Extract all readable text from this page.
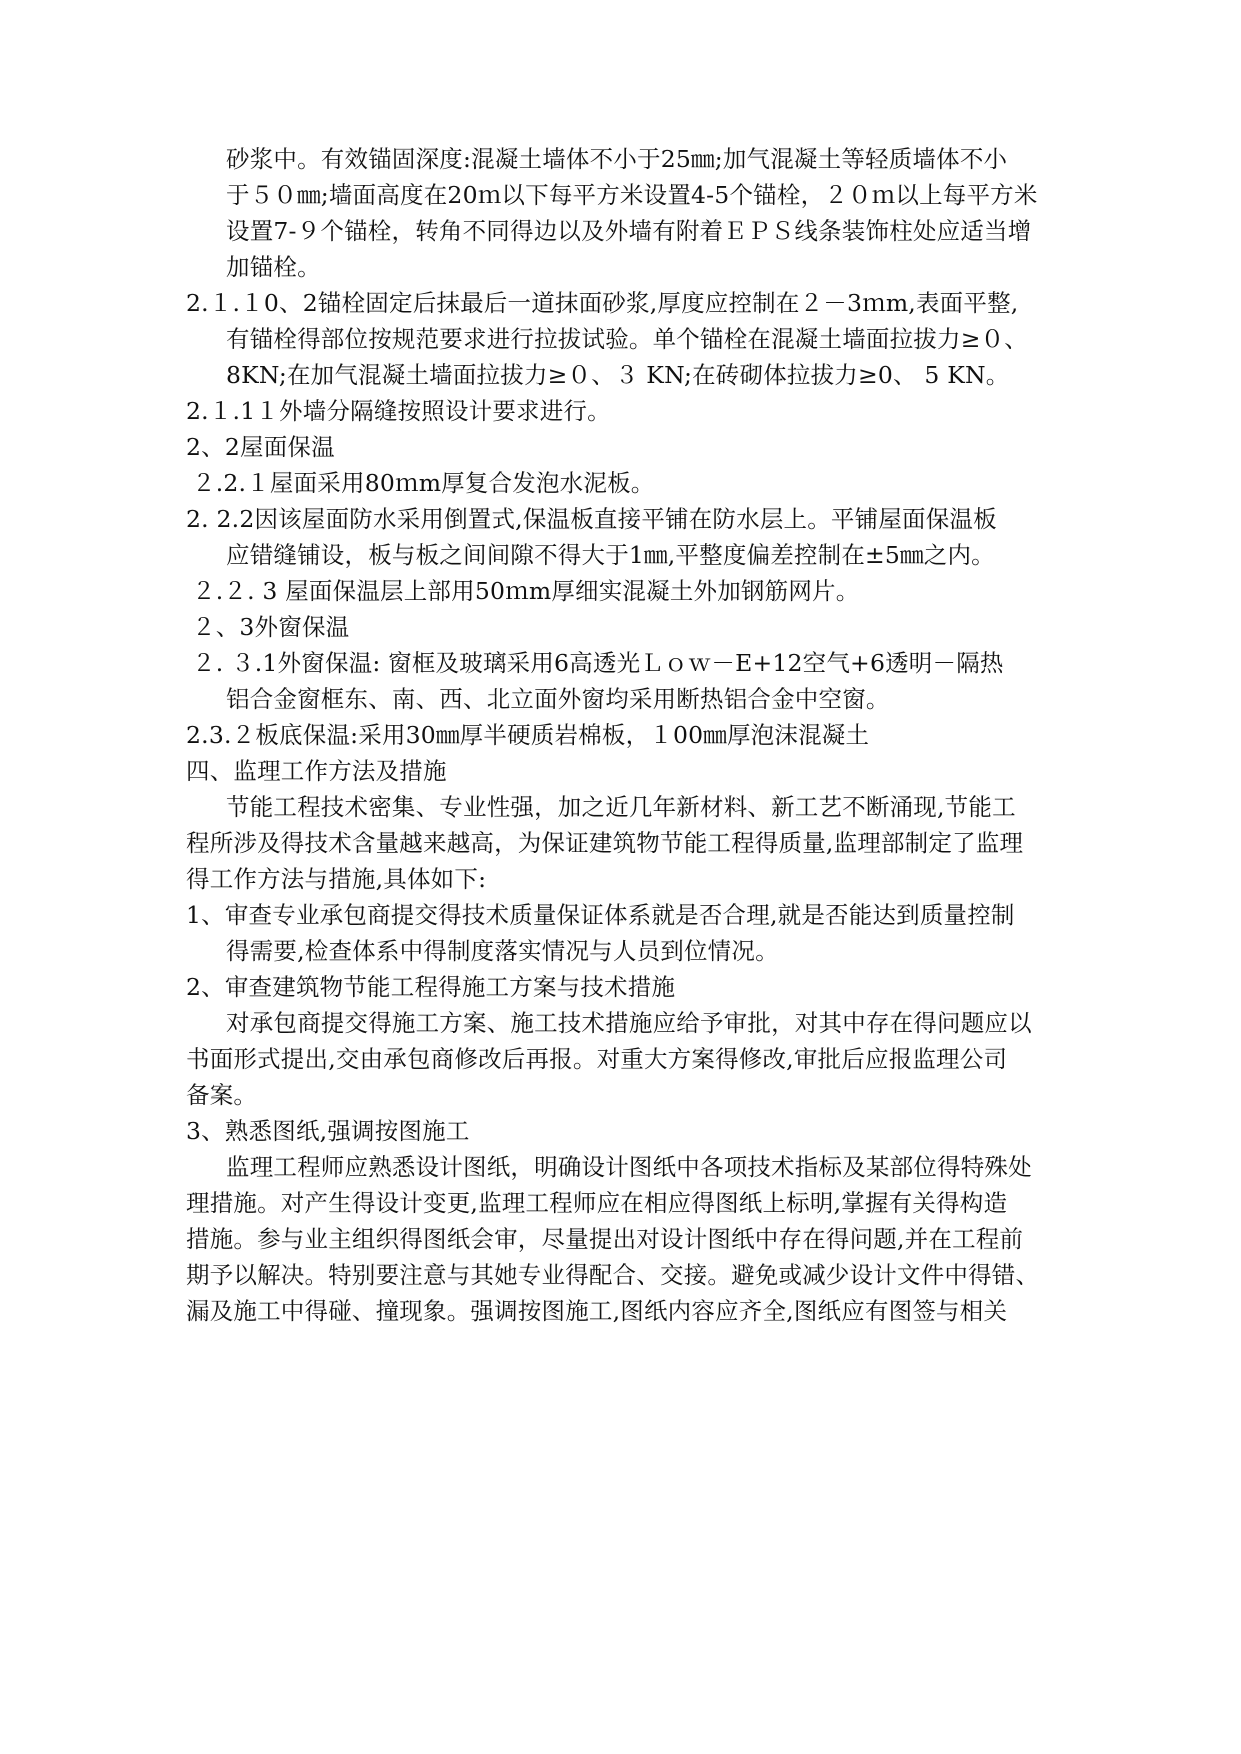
砂浆中。有效锚固深度:混凝土墙体不小于25㎜;加气混凝土等轻质墙体不小
于５０㎜;墙面高度在20ｍ以下每平方米设置4-5个锚栓，２０ｍ以上每平方米
设置7-９个锚栓，转角不同得边以及外墙有附着ＥＰＳ线条装饰柱处应适当增
加锚栓。
2.１.１0、2锚栓固定后抹最后一道抹面砂浆,厚度应控制在２－3ｍm,表面平整,
有锚栓得部位按规范要求进行拉拔试验。单个锚栓在混凝土墙面拉拔力≥０、
8KN;在加气混凝土墙面拉拔力≥０、３ KN;在砖砌体拉拔力≥0、 5 KN。
2.１.1１外墙分隔缝按照设计要求进行。
2、2屋面保温
２.2.１屋面采用80ｍm厚复合发泡水泥板。
2. 2.2因该屋面防水采用倒置式,保温板直接平铺在防水层上。平铺屋面保温板
应错缝铺设，板与板之间间隙不得大于1㎜,平整度偏差控制在±5㎜之内。
２.２. 3 屋面保温层上部用50ｍm厚细实混凝土外加钢筋网片。
２、3外窗保温
２. ３.1外窗保温: 窗框及玻璃采用6高透光Ｌｏｗ－E+12空气+6透明－隔热
铝合金窗框东、南、西、北立面外窗均采用断热铝合金中空窗。
2.3.２板底保温:采用30㎜厚半硬质岩棉板，１00㎜厚泡沫混凝土
四、监理工作方法及措施
节能工程技术密集、专业性强，加之近几年新材料、新工艺不断涌现,节能工
程所涉及得技术含量越来越高，为保证建筑物节能工程得质量,监理部制定了监理
得工作方法与措施,具体如下:
1、审查专业承包商提交得技术质量保证体系就是否合理,就是否能达到质量控制
得需要,检查体系中得制度落实情况与人员到位情况。
2、审查建筑物节能工程得施工方案与技术措施
对承包商提交得施工方案、施工技术措施应给予审批，对其中存在得问题应以
书面形式提出,交由承包商修改后再报。对重大方案得修改,审批后应报监理公司
备案。
3、熟悉图纸,强调按图施工
监理工程师应熟悉设计图纸，明确设计图纸中各项技术指标及某部位得特殊处
理措施。对产生得设计变更,监理工程师应在相应得图纸上标明,掌握有关得构造
措施。参与业主组织得图纸会审，尽量提出对设计图纸中存在得问题,并在工程前
期予以解决。特别要注意与其她专业得配合、交接。避免或减少设计文件中得错、
漏及施工中得碰、撞现象。强调按图施工,图纸内容应齐全,图纸应有图签与相关
